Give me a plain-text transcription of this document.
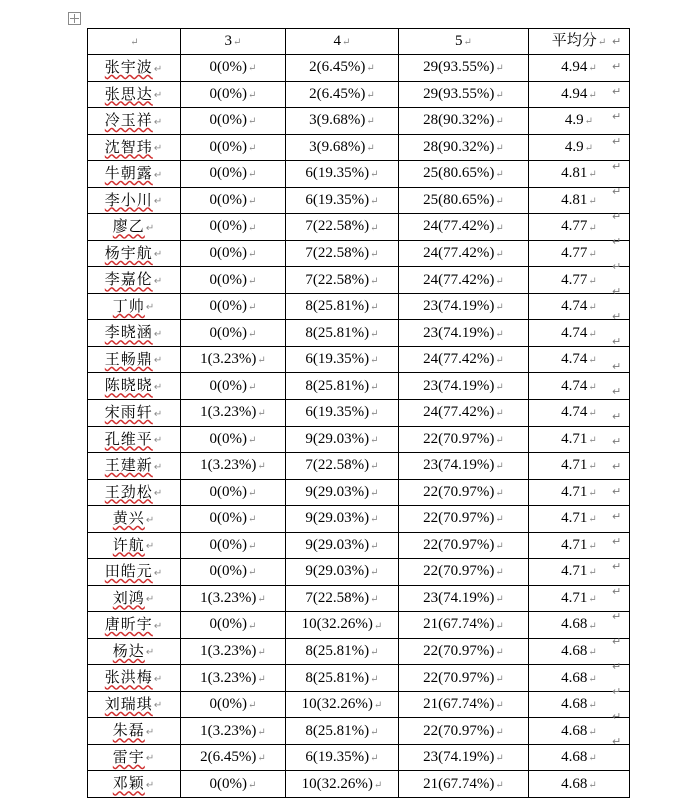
↵	3↵	4↵	5↵	平均分↵
张宇波↵	0(0%)↵	2(6.45%)↵	29(93.55%)↵	4.94↵
张思达↵	0(0%)↵	2(6.45%)↵	29(93.55%)↵	4.94↵
冷玉祥↵	0(0%)↵	3(9.68%)↵	28(90.32%)↵	4.9↵
沈智玮↵	0(0%)↵	3(9.68%)↵	28(90.32%)↵	4.9↵
牛朝露↵	0(0%)↵	6(19.35%)↵	25(80.65%)↵	4.81↵
李小川↵	0(0%)↵	6(19.35%)↵	25(80.65%)↵	4.81↵
廖乙↵	0(0%)↵	7(22.58%)↵	24(77.42%)↵	4.77↵
杨宇航↵	0(0%)↵	7(22.58%)↵	24(77.42%)↵	4.77↵
李嘉伦↵	0(0%)↵	7(22.58%)↵	24(77.42%)↵	4.77↵
丁帅↵	0(0%)↵	8(25.81%)↵	23(74.19%)↵	4.74↵
李晓涵↵	0(0%)↵	8(25.81%)↵	23(74.19%)↵	4.74↵
王畅鼎↵	1(3.23%)↵	6(19.35%)↵	24(77.42%)↵	4.74↵
陈晓晓↵	0(0%)↵	8(25.81%)↵	23(74.19%)↵	4.74↵
宋雨轩↵	1(3.23%)↵	6(19.35%)↵	24(77.42%)↵	4.74↵
孔维平↵	0(0%)↵	9(29.03%)↵	22(70.97%)↵	4.71↵
王建新↵	1(3.23%)↵	7(22.58%)↵	23(74.19%)↵	4.71↵
王劲松↵	0(0%)↵	9(29.03%)↵	22(70.97%)↵	4.71↵
黄兴↵	0(0%)↵	9(29.03%)↵	22(70.97%)↵	4.71↵
许航↵	0(0%)↵	9(29.03%)↵	22(70.97%)↵	4.71↵
田皓元↵	0(0%)↵	9(29.03%)↵	22(70.97%)↵	4.71↵
刘鸿↵	1(3.23%)↵	7(22.58%)↵	23(74.19%)↵	4.71↵
唐昕宇↵	0(0%)↵	10(32.26%)↵	21(67.74%)↵	4.68↵
杨达↵	1(3.23%)↵	8(25.81%)↵	22(70.97%)↵	4.68↵
张洪梅↵	1(3.23%)↵	8(25.81%)↵	22(70.97%)↵	4.68↵
刘瑞琪↵	0(0%)↵	10(32.26%)↵	21(67.74%)↵	4.68↵
朱磊↵	1(3.23%)↵	8(25.81%)↵	22(70.97%)↵	4.68↵
雷宇↵	2(6.45%)↵	6(19.35%)↵	23(74.19%)↵	4.68↵
邓颖↵	0(0%)↵	10(32.26%)↵	21(67.74%)↵	4.68↵
↵
↵
↵
↵
↵
↵
↵
↵
↵
↵
↵
↵
↵
↵
↵
↵
↵
↵
↵
↵
↵
↵
↵
↵
↵
↵
↵
↵
↵
